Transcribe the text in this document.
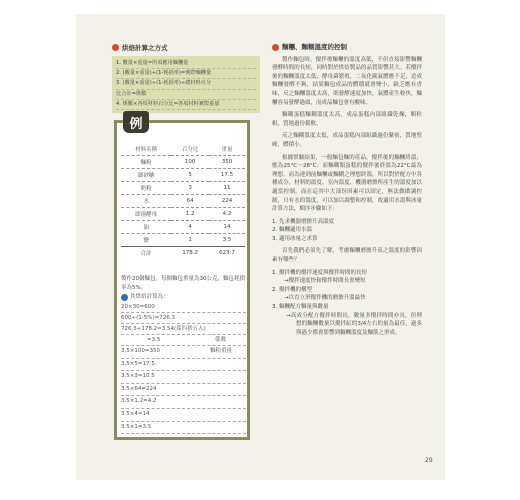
烘焙計算之方式
1. 數量×重量=所須應用麵糰量
2. (數量×重量)÷(1-耗損率)=實際麵糰量
3. (數量×重量)÷(1-耗損率)÷總材料百分
比合計=係數
4. 係數×各項材料百分比=各項材料實際重量
例
材料名稱	百分比	重量
麵粉	100	350
細砂糖	5	17.5
奶粉	3	11
水	64	224
即溶酵母	1.2	4.2
油	4	14
鹽	1	3.5
合計	178.2	623.7
製作20個麵包，每個麵包重量為30公克，麵包耗損率為5%。
其烘焙計算為：
20×30=600
600÷(1-5%)=726.3
726.3÷178.2=3.54(採四捨五入)
=3.5	係數
3.5×100=350	麵粉重量
3.5×5=17.5
3.5×3=10.5
3.5×64=224
3.5×1.2=4.2
3.5×4=14
3.5×1=3.5
麵糰、麵糊溫度的控制

製作麵包時，攪拌後麵糰的溫度高低，不但直接影響麵糰發酵時間的長短，同時對於烘焙製品的品質影響甚大。若攪拌後的麵糰溫度太低，酵母菌繁殖，二氧化碳氣體應不足，造成麵糰發酵不夠，結果麵包成品的體積就會變小，缺乏應有香味，反之麵糰溫度太高，則發酵速度加快，氣體產生較快，麵糰容易發酵過頭，而成品麵包會有酸味。

麵糊蛋糕麵糊溫度太高，成品蛋糕內部組織乾燥，顆粒粗，質地過份鬆軟。

反之麵糊溫度太低，成品蛋糕內部組織過份緊密，質地堅硬，體積小。

根據實驗結果，一般麵包麵的產品，攪拌後的麵糰終溫，應為25°C～28°C；而麵糊類蛋糕的攪拌後終溫為22°C最為理想。而為達到前麵糰或麵糊之理想終溫，所以對於配方中各種成分，材料的溫度、室內溫度、機器磨擦所產生的溫度加以適當控制，而在這其中大部份因素可以固定，無法做做調控制，只有水的溫度，可以加以調整和控制，故適用水溫與冰量計算方法，順序步驟如下：

1. 先求機器磨擦升高溫度

2. 麵糰適用水溫

3. 適用冰量之求算

首先我們必須先了解，考慮麵糰磨擦升高之溫度的影響因素有哪些？

1. 攪拌機的攪拌速度與攪拌時間的長短

→攪拌速度快和攪拌時間長會變短

2. 攪拌機的構型

→以直立形攪拌機的磨擦升溫最快

3. 麵糰配方麵量與數量

→高成分配方攪拌時間長，數量多攪拌時間亦長，但理想的麵糰數量以攪拌缸的3/4左右的量為最佳，過多與過少都會影響到麵糰溫度及麵筋之形成。

29
